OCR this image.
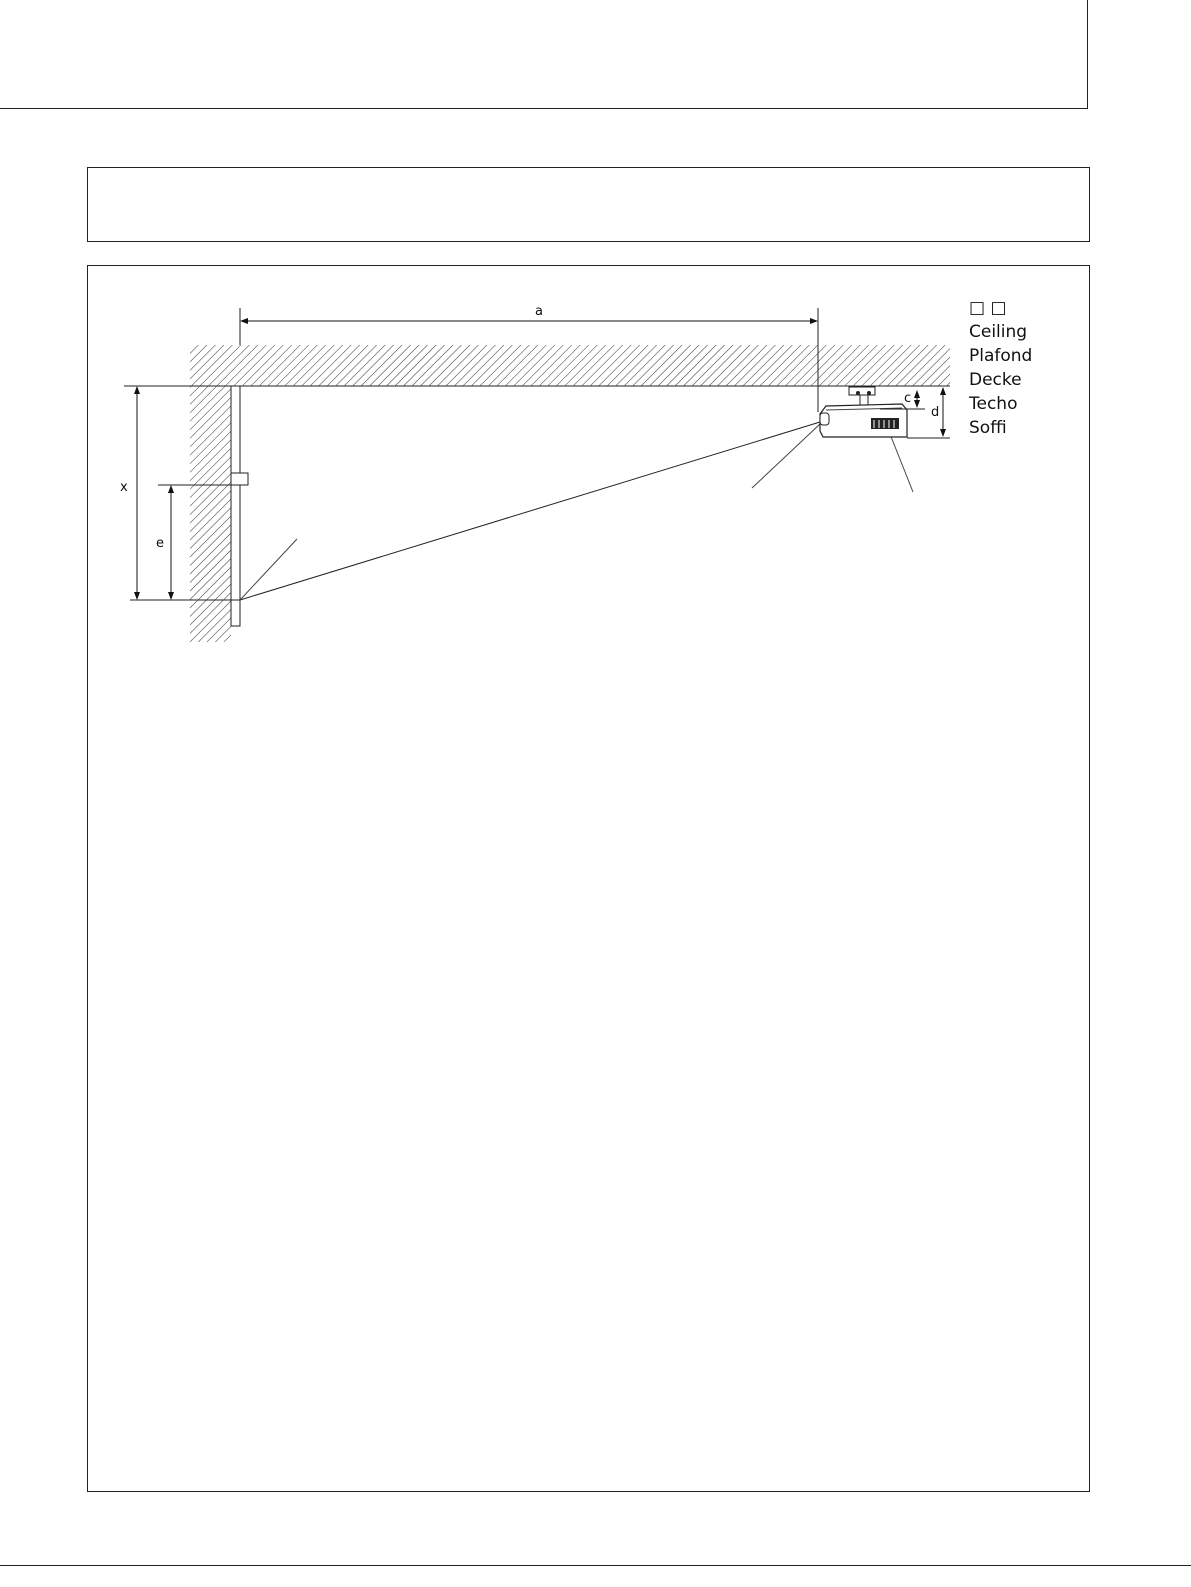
a
x
e
c
d
□ □
Ceiling
Plafond
Decke
Techo
Soffi
